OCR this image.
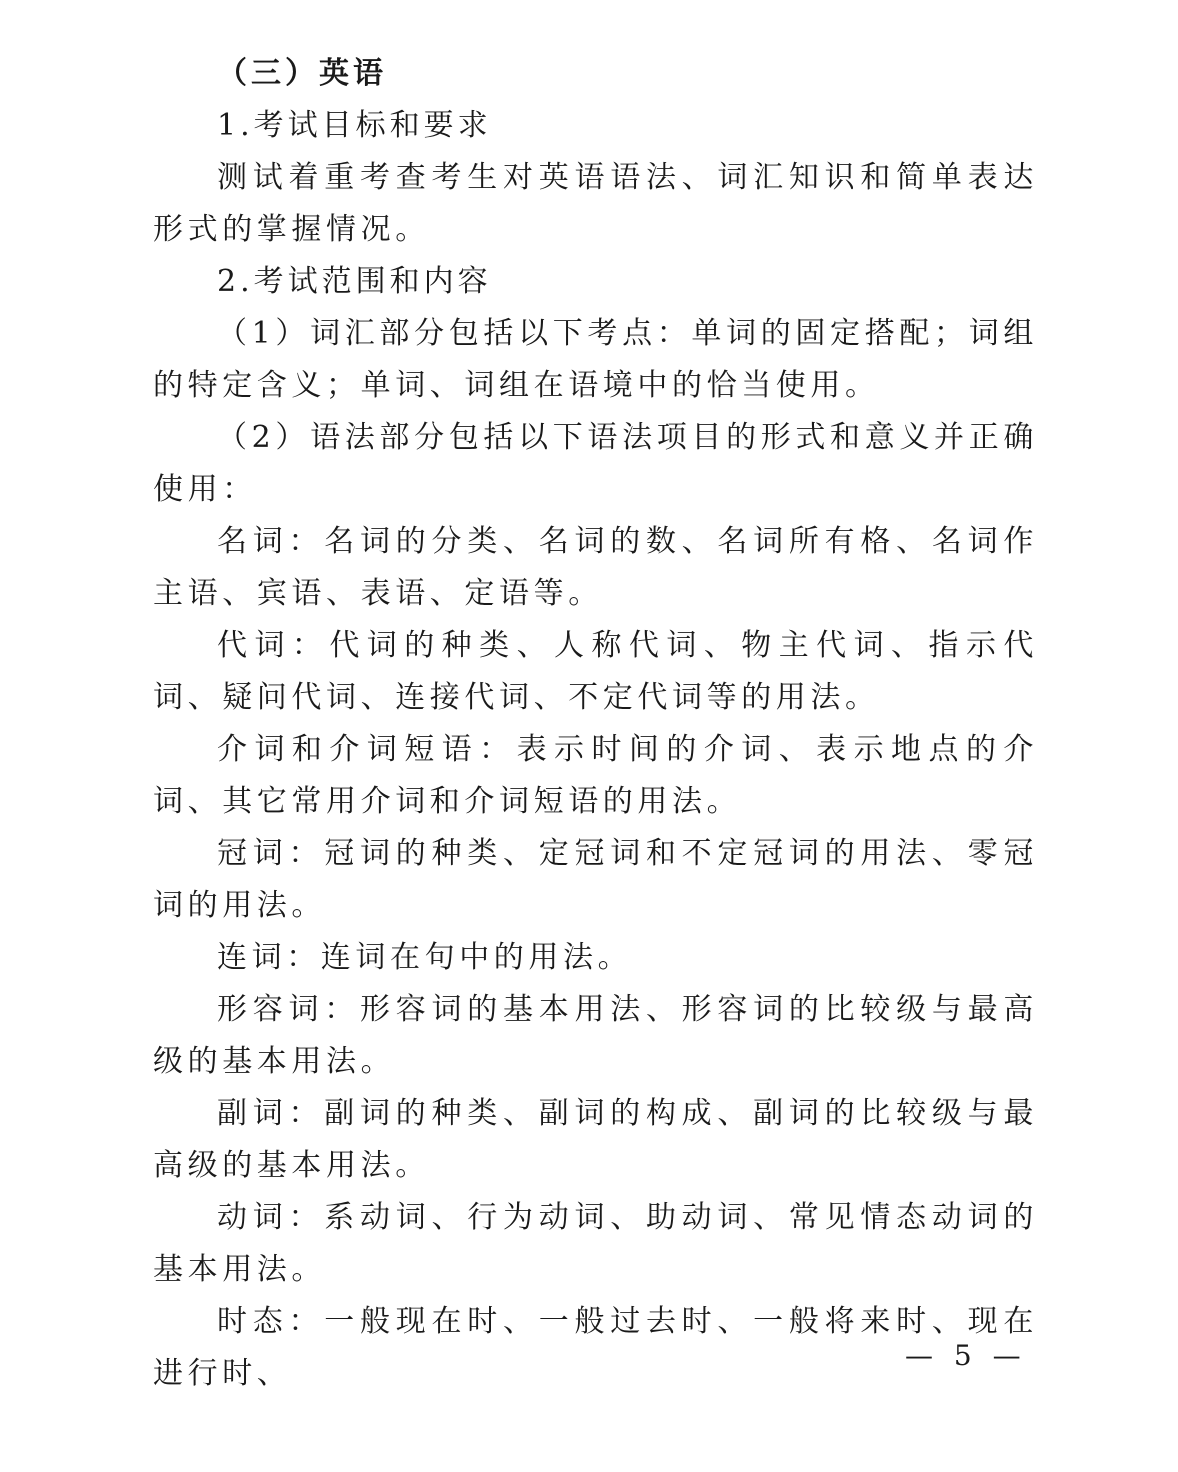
（三）英语

1.考试目标和要求

测试着重考查考生对英语语法、词汇知识和简单表达形式的掌握情况。

2.考试范围和内容

（1）词汇部分包括以下考点：单词的固定搭配；词组的特定含义；单词、词组在语境中的恰当使用。

（2）语法部分包括以下语法项目的形式和意义并正确使用：

名词：名词的分类、名词的数、名词所有格、名词作主语、宾语、表语、定语等。

代词：代词的种类、人称代词、物主代词、指示代词、疑问代词、连接代词、不定代词等的用法。

介词和介词短语：表示时间的介词、表示地点的介词、其它常用介词和介词短语的用法。

冠词：冠词的种类、定冠词和不定冠词的用法、零冠词的用法。

连词：连词在句中的用法。

形容词：形容词的基本用法、形容词的比较级与最高级的基本用法。

副词：副词的种类、副词的构成、副词的比较级与最高级的基本用法。

动词：系动词、行为动词、助动词、常见情态动词的基本用法。

时态：一般现在时、一般过去时、一般将来时、现在进行时、

— 5 —
